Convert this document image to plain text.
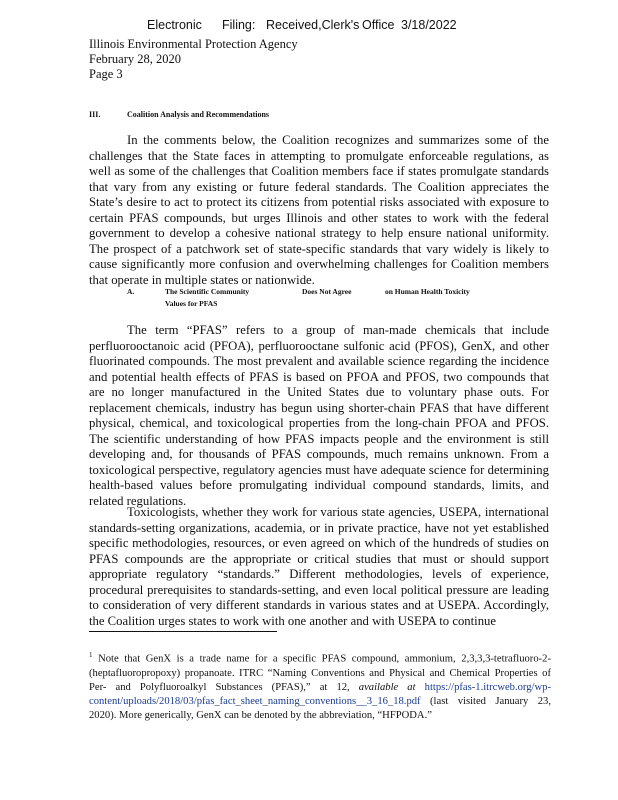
Electronic Filing: Received,Clerk's Office 3/18/2022
Illinois Environmental Protection Agency
February 28, 2020
Page 3
III.	Coalition Analysis and Recommendations

In the comments below, the Coalition recognizes and summarizes some of the challenges that the State faces in attempting to promulgate enforceable regulations, as well as some of the challenges that Coalition members face if states promulgate standards that vary from any existing or future federal standards. The Coalition appreciates the State’s desire to act to protect its citizens from potential risks associated with exposure to certain PFAS compounds, but urges Illinois and other states to work with the federal government to develop a cohesive national strategy to help ensure national uniformity. The prospect of a patchwork set of state-specific standards that vary widely is likely to cause significantly more confusion and overwhelming challenges for Coalition members that operate in multiple states or nationwide.

A.	The Scientific Community
Values for PFAS
Does Not Agree	on Human Health Toxicity

The term “PFAS” refers to a group of man-made chemicals that include perfluorooctanoic acid (PFOA), perfluorooctane sulfonic acid (PFOS), GenX, and other fluorinated compounds. The most prevalent and available science regarding the incidence and potential health effects of PFAS is based on PFOA and PFOS, two compounds that are no longer manufactured in the United States due to voluntary phase outs. For replacement chemicals, industry has begun using shorter-chain PFAS that have different physical, chemical, and toxicological properties from the long-chain PFOA and PFOS. The scientific understanding of how PFAS impacts people and the environment is still developing and, for thousands of PFAS compounds, much remains unknown. From a toxicological perspective, regulatory agencies must have adequate science for determining health-based values before promulgating individual compound standards, limits, and related regulations.

Toxicologists, whether they work for various state agencies, USEPA, international standards-setting organizations, academia, or in private practice, have not yet established specific methodologies, resources, or even agreed on which of the hundreds of studies on PFAS compounds are the appropriate or critical studies that must or should support appropriate regulatory “standards.” Different methodologies, levels of experience, procedural prerequisites to standards-setting, and even local political pressure are leading to consideration of very different standards in various states and at USEPA. Accordingly, the Coalition urges states to work with one another and with USEPA to continue

$^1$ Note that GenX is a trade name for a specific PFAS compound, ammonium, 2,3,3,3-tetrafluoro-2-(heptafluoropropoxy) propanoate. ITRC “Naming Conventions and Physical and Chemical Properties of Per- and Polyfluoroalkyl Substances (PFAS),” at 12, available at https://pfas-1.itrcweb.org/wp-content/uploads/2018/03/pfas_fact_sheet_naming_conventions__3_16_18.pdf (last visited January 23, 2020). More generically, GenX can be denoted by the abbreviation, “HFPODA.”
